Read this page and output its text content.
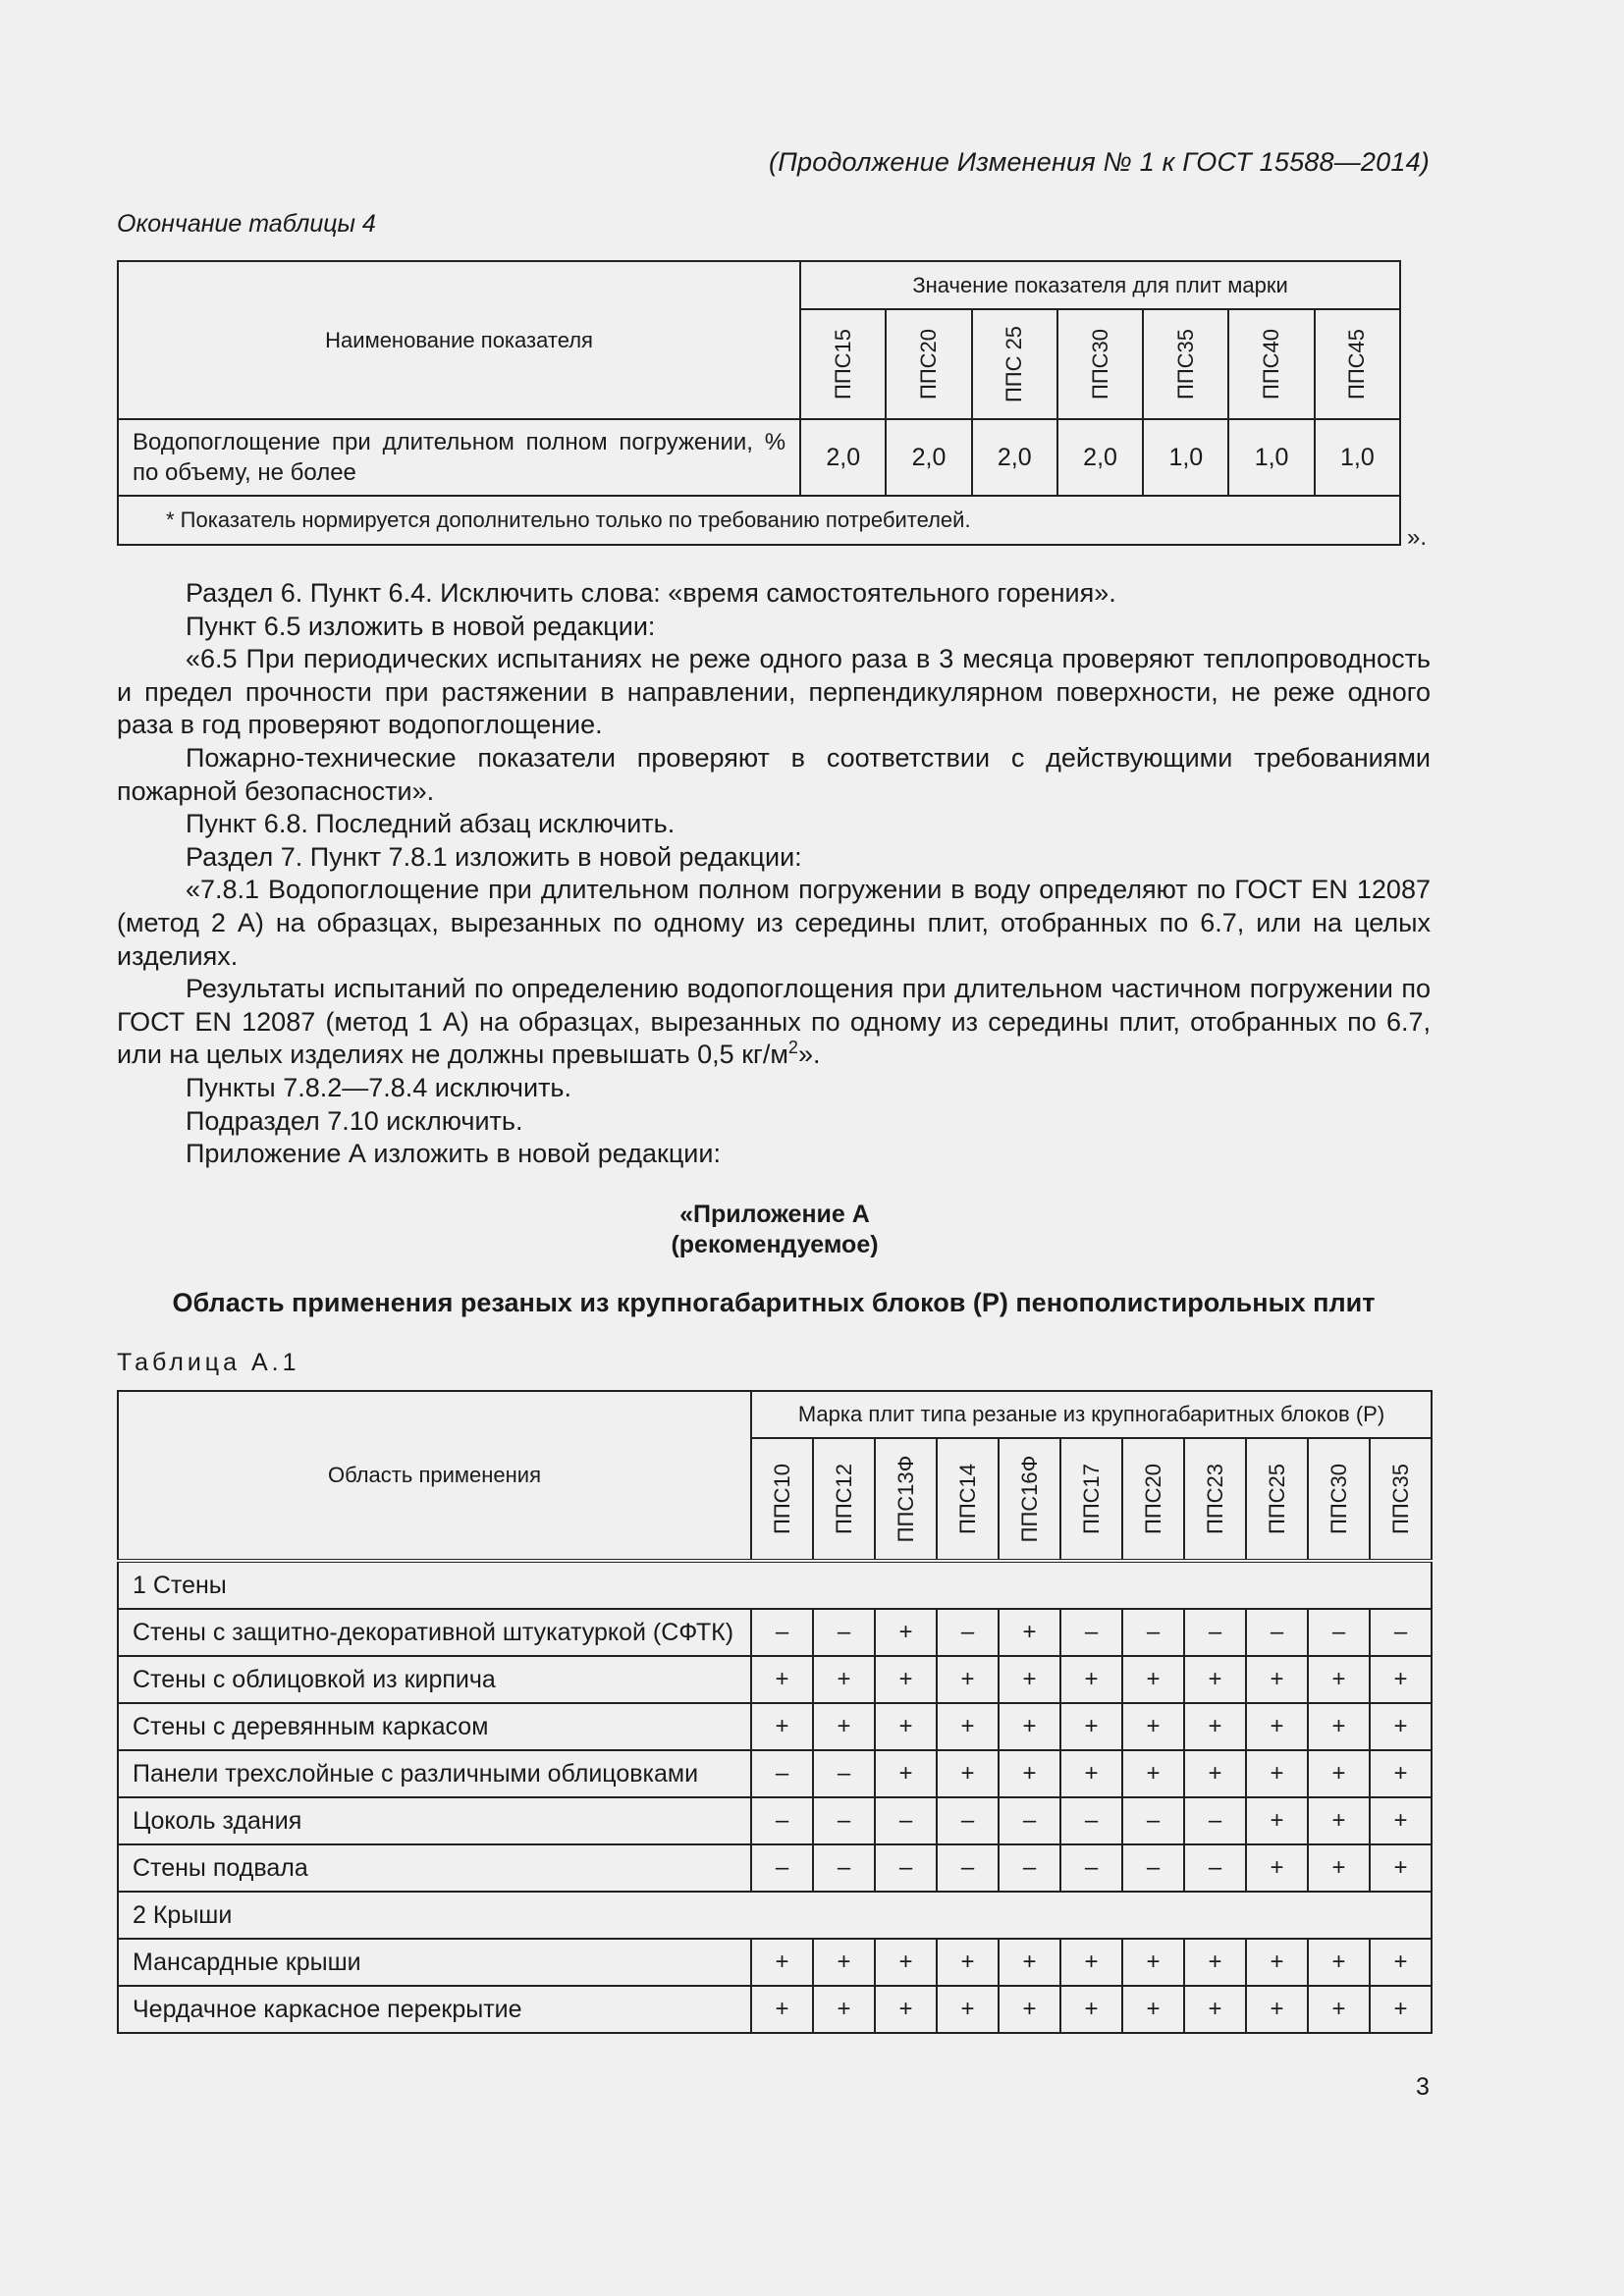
(Продолжение Изменения № 1 к ГОСТ 15588—2014)
Окончание таблицы 4
Наименование показателя	Значение показателя для плит марки						

	ППС15	ППС20	ППС 25	ППС30	ППС35	ППС40	ППС45

Водопоглощение при длительном полном погружении, % по объему, не более	2,0	2,0	2,0	2,0	1,0	1,0	1,0
* Показатель нормируется дополнительно только по требованию потребителей.							
».

Раздел 6. Пункт 6.4. Исключить слова: «время самостоятельного горения».

Пункт 6.5 изложить в новой редакции:

«6.5 При периодических испытаниях не реже одного раза в 3 месяца проверяют теплопроводность и предел прочности при растяжении в направлении, перпендикулярном поверхности, не реже одного раза в год проверяют водопоглощение.

Пожарно-технические показатели проверяют в соответствии с действующими требованиями пожарной безопасности».

Пункт 6.8. Последний абзац исключить.

Раздел 7. Пункт 7.8.1 изложить в новой редакции:

«7.8.1 Водопоглощение при длительном полном погружении в воду определяют по ГОСТ EN 12087 (метод 2 А) на образцах, вырезанных по одному из середины плит, отобранных по 6.7, или на целых изделиях.

Результаты испытаний по определению водопоглощения при длительном частичном погружении по ГОСТ EN 12087 (метод 1 А) на образцах, вырезанных по одному из середины плит, отобранных по 6.7, или на целых изделиях не должны превышать 0,5 $кг/м^2$».

Пункты 7.8.2—7.8.4 исключить.

Подраздел 7.10 исключить.

Приложение А изложить в новой редакции:

«Приложение А
(рекомендуемое)
Область применения резаных из крупногабаритных блоков (Р) пенополистирольных плит
Таблица А.1
Область применения	Марка плит типа резаные из крупногабаритных блоков (Р)										

	ППС10	ППС12	ППС13Ф	ППС14	ППС16Ф	ППС17	ППС20	ППС23	ППС25	ППС30	ППС35

1 Стены											
Стены с защитно-декоративной штукатуркой (СФТК)	–	–	+	–	+	–	–	–	–	–	–
Стены с облицовкой из кирпича	+	+	+	+	+	+	+	+	+	+	+
Стены с деревянным каркасом	+	+	+	+	+	+	+	+	+	+	+
Панели трехслойные с различными облицовками	–	–	+	+	+	+	+	+	+	+	+
Цоколь здания	–	–	–	–	–	–	–	–	+	+	+
Стены подвала	–	–	–	–	–	–	–	–	+	+	+
2 Крыши											
Мансардные крыши	+	+	+	+	+	+	+	+	+	+	+
Чердачное каркасное перекрытие	+	+	+	+	+	+	+	+	+	+	+
3
